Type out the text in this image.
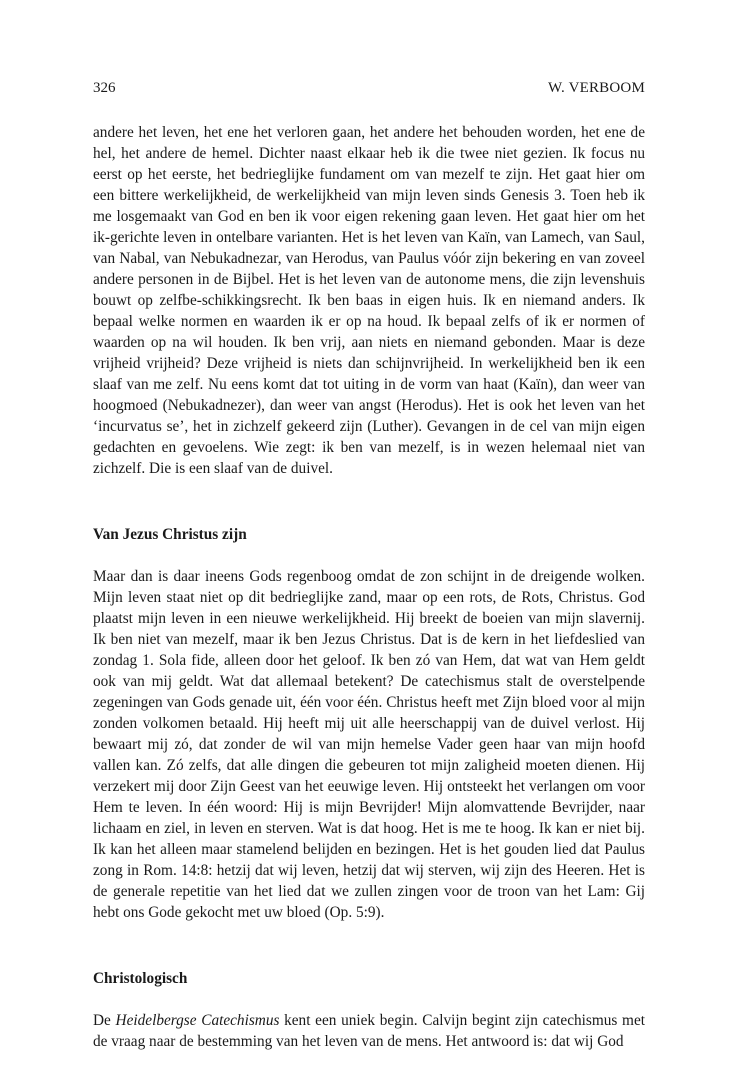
326	W. VERBOOM

andere het leven, het ene het verloren gaan, het andere het behouden worden, het ene de hel, het andere de hemel. Dichter naast elkaar heb ik die twee niet gezien. Ik focus nu eerst op het eerste, het bedrieglijke fundament om van mezelf te zijn. Het gaat hier om een bittere werkelijkheid, de werkelijkheid van mijn leven sinds Genesis 3. Toen heb ik me losgemaakt van God en ben ik voor eigen rekening gaan leven. Het gaat hier om het ik-gerichte leven in ontelbare varianten. Het is het leven van Kaïn, van Lamech, van Saul, van Nabal, van Nebukadnezar, van Herodus, van Paulus vóór zijn bekering en van zoveel andere personen in de Bijbel. Het is het leven van de autonome mens, die zijn levenshuis bouwt op zelfbe-schikkingsrecht. Ik ben baas in eigen huis. Ik en niemand anders. Ik bepaal welke normen en waarden ik er op na houd. Ik bepaal zelfs of ik er normen of waarden op na wil houden. Ik ben vrij, aan niets en niemand gebonden. Maar is deze vrijheid vrijheid? Deze vrijheid is niets dan schijnvrijheid. In werkelijkheid ben ik een slaaf van me zelf. Nu eens komt dat tot uiting in de vorm van haat (Kaïn), dan weer van hoogmoed (Nebukadnezer), dan weer van angst (Herodus). Het is ook het leven van het ‘incurvatus se’, het in zichzelf gekeerd zijn (Luther). Gevangen in de cel van mijn eigen gedachten en gevoelens. Wie zegt: ik ben van mezelf, is in wezen helemaal niet van zichzelf. Die is een slaaf van de duivel.

Van Jezus Christus zijn

Maar dan is daar ineens Gods regenboog omdat de zon schijnt in de dreigende wolken. Mijn leven staat niet op dit bedrieglijke zand, maar op een rots, de Rots, Christus. God plaatst mijn leven in een nieuwe werkelijkheid. Hij breekt de boeien van mijn slavernij. Ik ben niet van mezelf, maar ik ben Jezus Christus. Dat is de kern in het liefdeslied van zondag 1. Sola fide, alleen door het geloof. Ik ben zó van Hem, dat wat van Hem geldt ook van mij geldt. Wat dat allemaal betekent? De catechismus stalt de overstelpende zegeningen van Gods genade uit, één voor één. Christus heeft met Zijn bloed voor al mijn zonden volkomen betaald. Hij heeft mij uit alle heerschappij van de duivel verlost. Hij bewaart mij zó, dat zonder de wil van mijn hemelse Vader geen haar van mijn hoofd vallen kan. Zó zelfs, dat alle dingen die gebeuren tot mijn zaligheid moeten dienen. Hij verzekert mij door Zijn Geest van het eeuwige leven. Hij ontsteekt het verlangen om voor Hem te leven. In één woord: Hij is mijn Bevrijder! Mijn alomvattende Bevrijder, naar lichaam en ziel, in leven en sterven. Wat is dat hoog. Het is me te hoog. Ik kan er niet bij. Ik kan het alleen maar stamelend belijden en bezingen. Het is het gouden lied dat Paulus zong in Rom. 14:8: hetzij dat wij leven, hetzij dat wij sterven, wij zijn des Heeren. Het is de generale repetitie van het lied dat we zullen zingen voor de troon van het Lam: Gij hebt ons Gode gekocht met uw bloed (Op. 5:9).

Christologisch

De Heidelbergse Catechismus kent een uniek begin. Calvijn begint zijn catechismus met de vraag naar de bestemming van het leven van de mens. Het antwoord is: dat wij God
